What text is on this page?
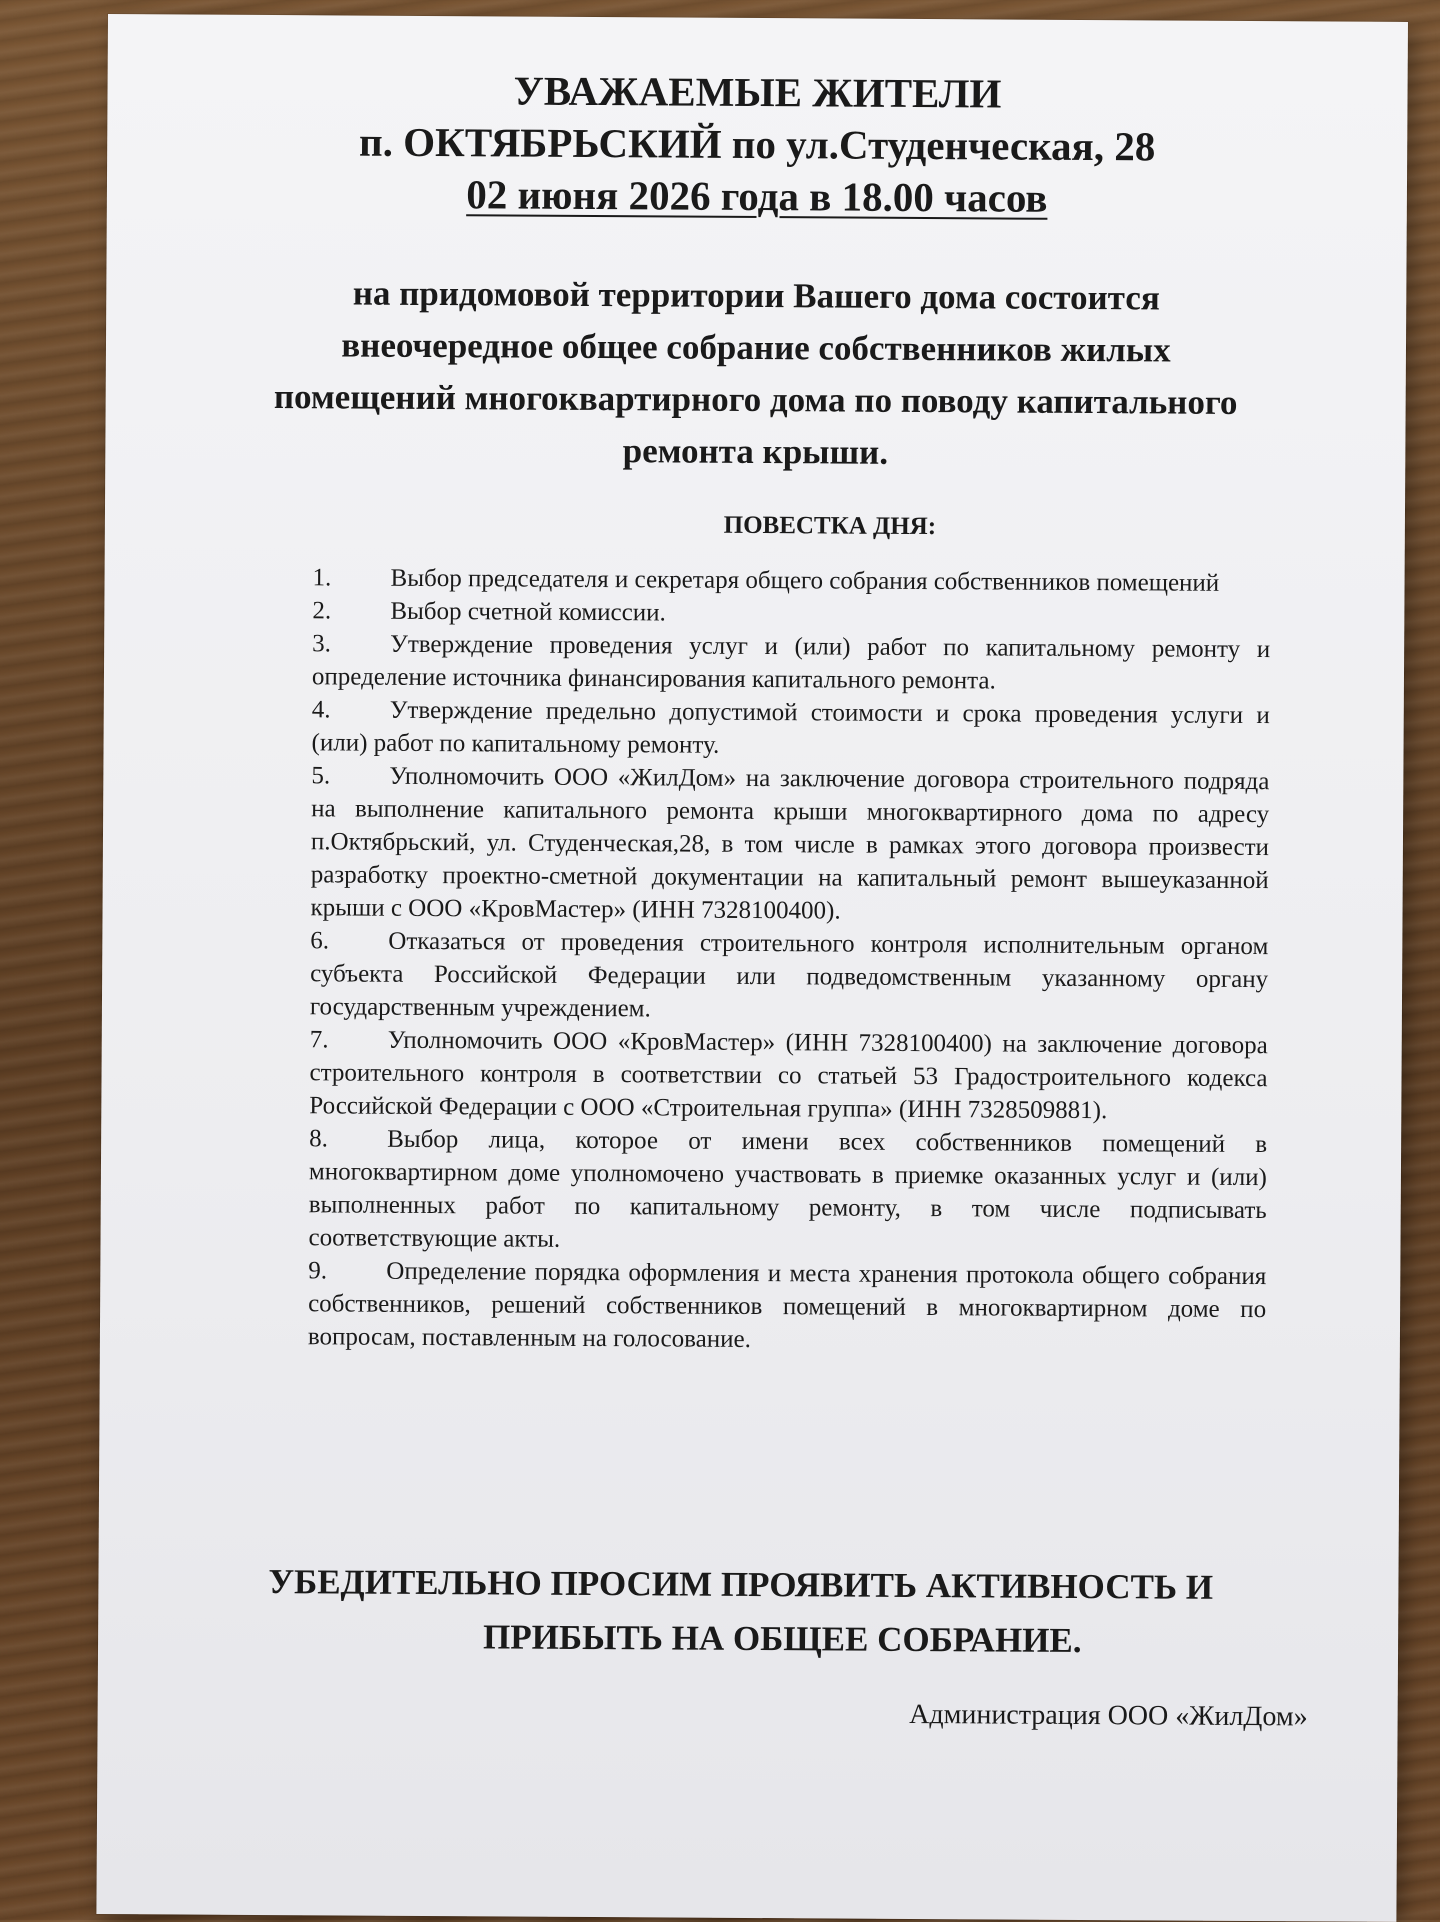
УВАЖАЕМЫЕ ЖИТЕЛИ
п. ОКТЯБРЬСКИЙ по ул.Студенческая, 28
02 июня 2026 года в 18.00 часов
на придомовой территории Вашего дома состоится внеочередное общее собрание собственников жилых помещений многоквартирного дома по поводу капитального ремонта крыши.
ПОВЕСТКА ДНЯ:

1. Выбор председателя и секретаря общего собрания собственников помещений

2. Выбор счетной комиссии.

3. Утверждение проведения услуг и (или) работ по капитальному ремонту и определение источника финансирования капитального ремонта.

4. Утверждение предельно допустимой стоимости и срока проведения услуги и (или) работ по капитальному ремонту.

5. Уполномочить ООО «ЖилДом» на заключение договора строительного подряда на выполнение капитального ремонта крыши многоквартирного дома по адресу п.Октябрьский, ул. Студенческая,28, в том числе в рамках этого договора произвести разработку проектно-сметной документации на капитальный ремонт вышеуказанной крыши с ООО «КровМастер» (ИНН 7328100400).

6. Отказаться от проведения строительного контроля исполнительным органом субъекта Российской Федерации или подведомственным указанному органу государственным учреждением.

7. Уполномочить ООО «КровМастер» (ИНН 7328100400) на заключение договора строительного контроля в соответствии со статьей 53 Градостроительного кодекса Российской Федерации с ООО «Строительная группа» (ИНН 7328509881).

8. Выбор лица, которое от имени всех собственников помещений в многоквартирном доме уполномочено участвовать в приемке оказанных услуг и (или) выполненных работ по капитальному ремонту, в том числе подписывать соответствующие акты.

9. Определение порядка оформления и места хранения протокола общего собрания собственников, решений собственников помещений в многоквартирном доме по вопросам, поставленным на голосование.

УБЕДИТЕЛЬНО ПРОСИМ ПРОЯВИТЬ АКТИВНОСТЬ И
ПРИБЫТЬ НА ОБЩЕЕ СОБРАНИЕ.
Администрация ООО «ЖилДом»
